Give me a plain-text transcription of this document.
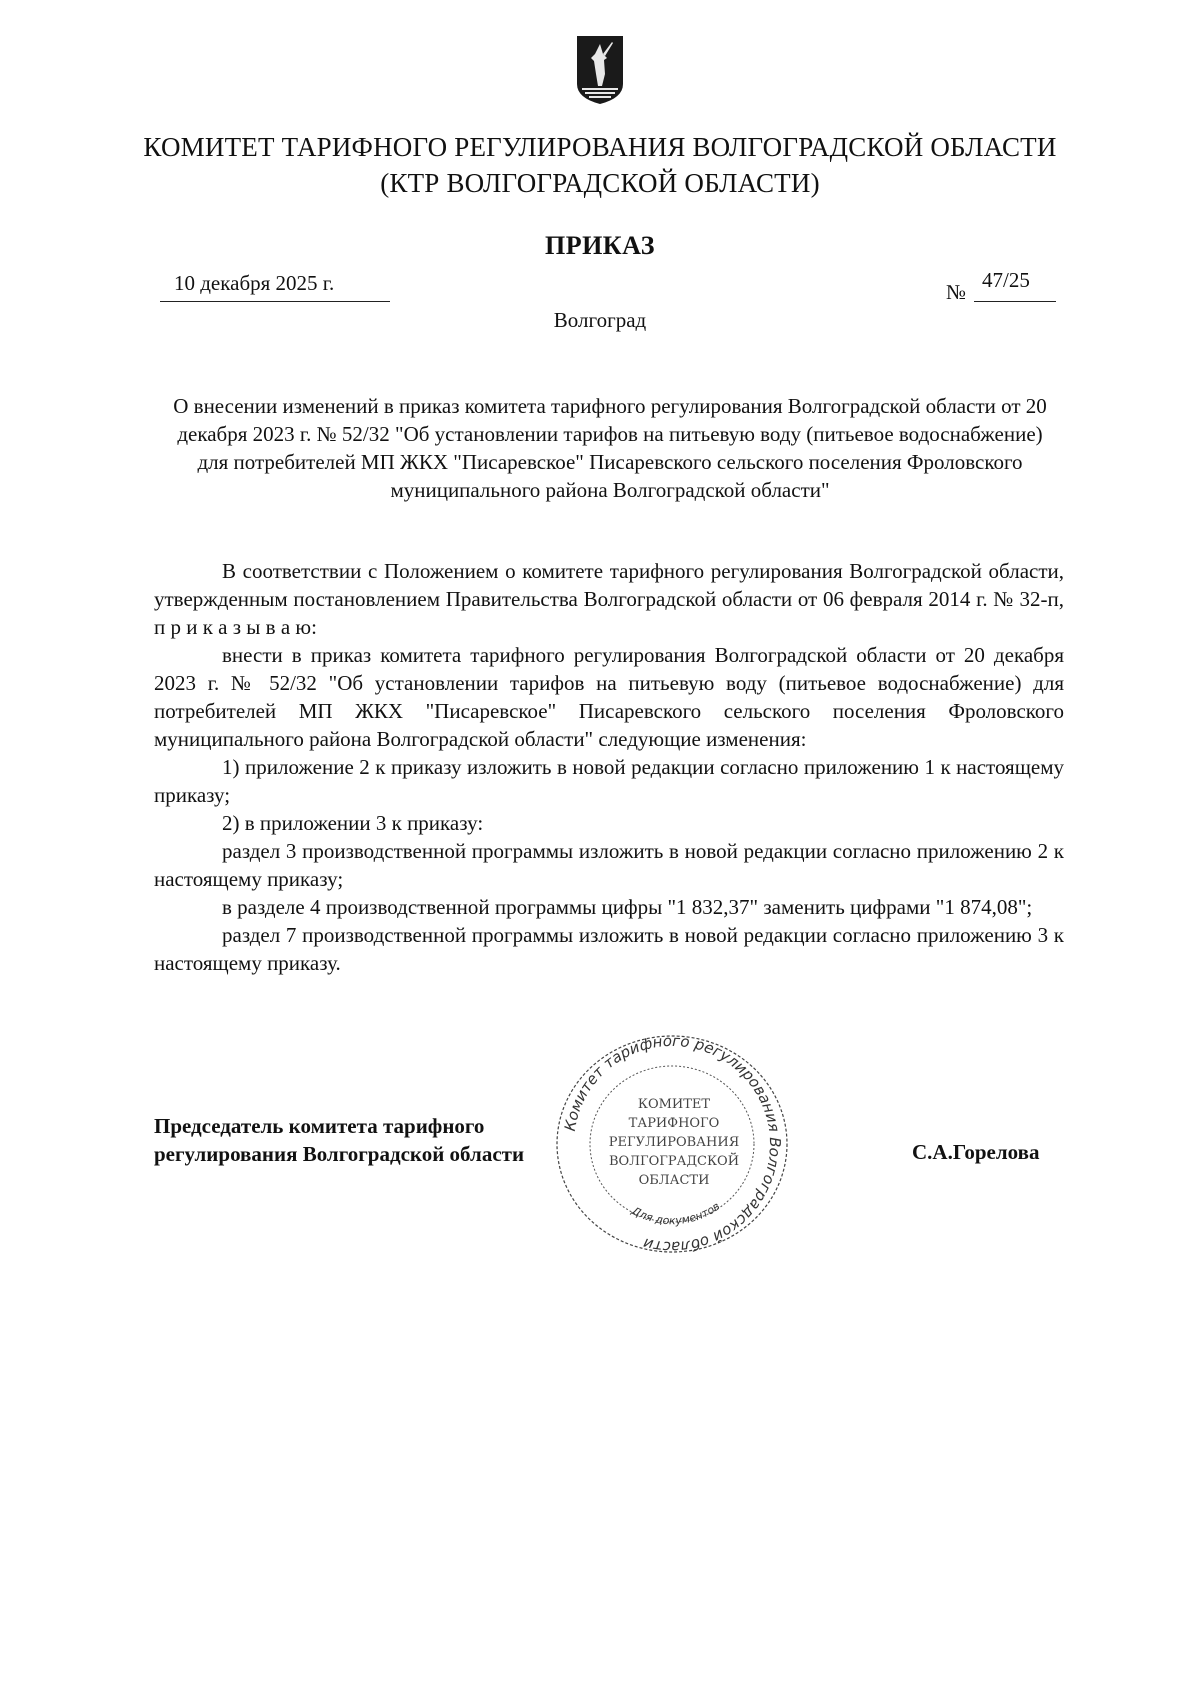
КОМИТЕТ ТАРИФНОГО РЕГУЛИРОВАНИЯ ВОЛГОГРАДСКОЙ ОБЛАСТИ
(КТР ВОЛГОГРАДСКОЙ ОБЛАСТИ)
ПРИКАЗ
10 декабря 2025 г.	№ 47/25
Волгоград
О внесении изменений в приказ комитета тарифного регулирования Волгоградской области от 20 декабря 2023 г. № 52/32 "Об установлении тарифов на питьевую воду (питьевое водоснабжение) для потребителей МП ЖКХ "Писаревское" Писаревского сельского поселения Фроловского муниципального района Волгоградской области"

В соответствии с Положением о комитете тарифного регулирования Волгоградской области, утвержденным постановлением Правительства Волгоградской области от 06 февраля 2014 г. № 32-п, п р и к а з ы в а ю:

внести в приказ комитета тарифного регулирования Волгоградской области от 20 декабря 2023 г. № 52/32 "Об установлении тарифов на питьевую воду (питьевое водоснабжение) для потребителей МП ЖКХ "Писаревское" Писаревского сельского поселения Фроловского муниципального района Волгоградской области" следующие изменения:

1) приложение 2 к приказу изложить в новой редакции согласно приложению 1 к настоящему приказу;

2) в приложении 3 к приказу:

раздел 3 производственной программы изложить в новой редакции согласно приложению 2 к настоящему приказу;

в разделе 4 производственной программы цифры "1 832,37" заменить цифрами "1 874,08";

раздел 7 производственной программы изложить в новой редакции согласно приложению 3 к настоящему приказу.

Председатель комитета тарифного
регулирования Волгоградской области	С.А.Горелова
Комитет тарифного регулирования Волгоградской области
Для документов
КОМИТЕТ
ТАРИФНОГО
РЕГУЛИРОВАНИЯ
ВОЛГОГРАДСКОЙ
ОБЛАСТИ
